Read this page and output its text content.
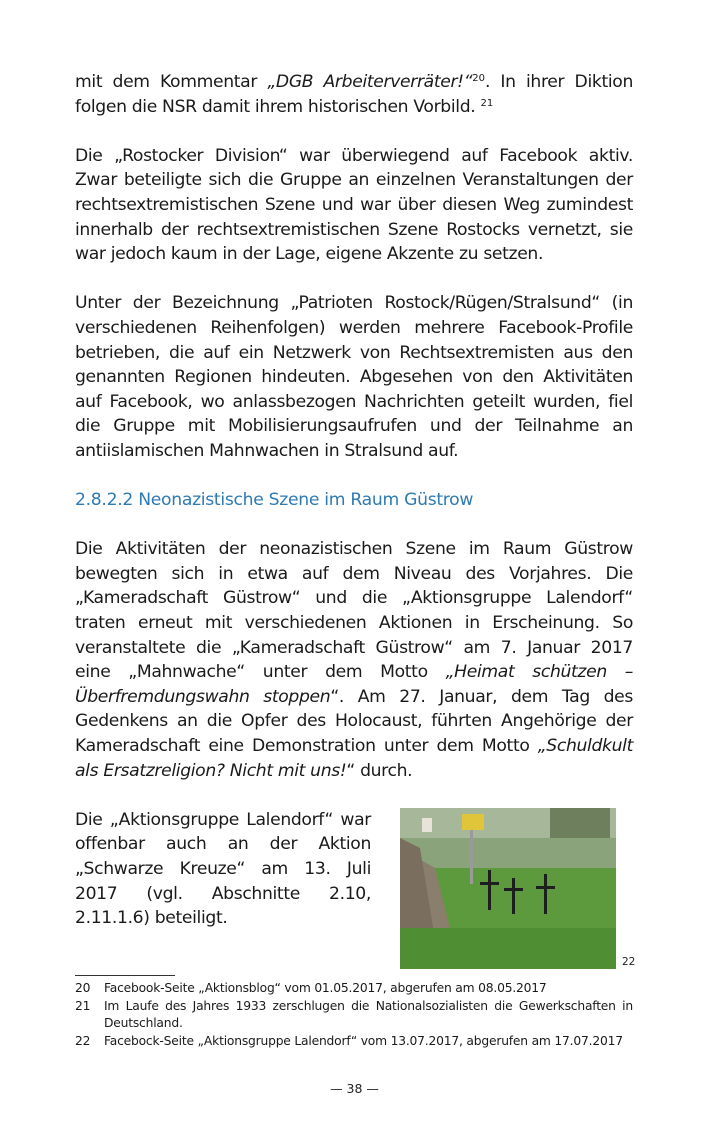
mit dem Kommentar „DGB Arbeiterverräter!“$^{20}$. In ihrer Diktion folgen die NSR damit ihrem historischen Vorbild. $^{21}$

Die „Rostocker Division“ war überwiegend auf Facebook aktiv. Zwar beteiligte sich die Gruppe an einzelnen Veranstaltungen der rechtsextremistischen Szene und war über diesen Weg zumindest innerhalb der rechtsextremistischen Szene Rostocks vernetzt, sie war jedoch kaum in der Lage, eigene Akzente zu setzen.

Unter der Bezeichnung „Patrioten Rostock/Rügen/Stralsund“ (in verschiedenen Reihenfolgen) werden mehrere Facebook-Profile betrieben, die auf ein Netzwerk von Rechtsextremisten aus den genannten Regionen hindeuten. Abgesehen von den Aktivitäten auf Facebook, wo anlassbezogen Nachrichten geteilt wurden, fiel die Gruppe mit Mobilisierungsaufrufen und der Teilnahme an antiislamischen Mahnwachen in Stralsund auf.

2.8.2.2 Neonazistische Szene im Raum Güstrow

Die Aktivitäten der neonazistischen Szene im Raum Güstrow bewegten sich in etwa auf dem Niveau des Vorjahres. Die „Kameradschaft Güstrow“ und die „Aktionsgruppe Lalendorf“ traten erneut mit verschiedenen Aktionen in Erscheinung. So veranstaltete die „Kameradschaft Güstrow“ am 7. Januar 2017 eine „Mahnwache“ unter dem Motto „Heimat schützen – Überfremdungswahn stoppen“. Am 27. Januar, dem Tag des Gedenkens an die Opfer des Holocaust, führten Angehörige der Kameradschaft eine Demonstration unter dem Motto „Schuldkult als Ersatzreligion? Nicht mit uns!“ durch.

Die „Aktionsgruppe Lalendorf“ war offenbar auch an der Aktion „Schwarze Kreuze“ am 13. Juli 2017 (vgl. Abschnitte 2.10, 2.11.1.6) beteiligt.

22
20	Facebook-Seite „Aktionsblog“ vom 01.05.2017, abgerufen am 08.05.2017
21	Im Laufe des Jahres 1933 zerschlugen die Nationalsozialisten die Gewerkschaften in Deutschland.
22	Facebock-Seite „Aktionsgruppe Lalendorf“ vom 13.07.2017, abgerufen am 17.07.2017
— 38 —
